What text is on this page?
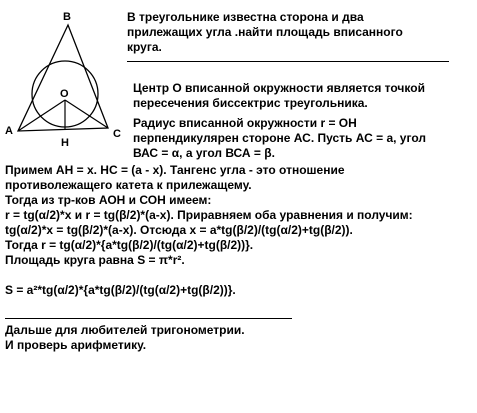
B
O
A	C
H
В треугольнике известна сторона и два
прилежащих угла .найти площадь вписанного
круга.
Центр О вписанной окружности является точкой
пересечения биссектрис треугольника.
Радиус вписанной окружности r = OH
перпендикулярен стороне АС. Пусть АС = a, угол
ВАС = α, а угол ВСА = β.
Примем АН = х. НС = (а - х). Тангенс угла - это отношение
противолежащего катета к прилежащему.
Тогда из тр-ков АОН и СОН имеем:
r = tg(α/2)*x и r = tg(β/2)*(a-x). Приравняем оба уравнения и получим:
tg(α/2)*x = tg(β/2)*(a-x). Отсюда x = a*tg(β/2)/(tg(α/2)+tg(β/2)).
Тогда r = tg(α/2)*{a*tg(β/2)/(tg(α/2)+tg(β/2))}.
Площадь круга равна S = π*r².
S = a²*tg(α/2)*{a*tg(β/2)/(tg(α/2)+tg(β/2))}.
Дальше для любителей тригонометрии.
И проверь арифметику.
